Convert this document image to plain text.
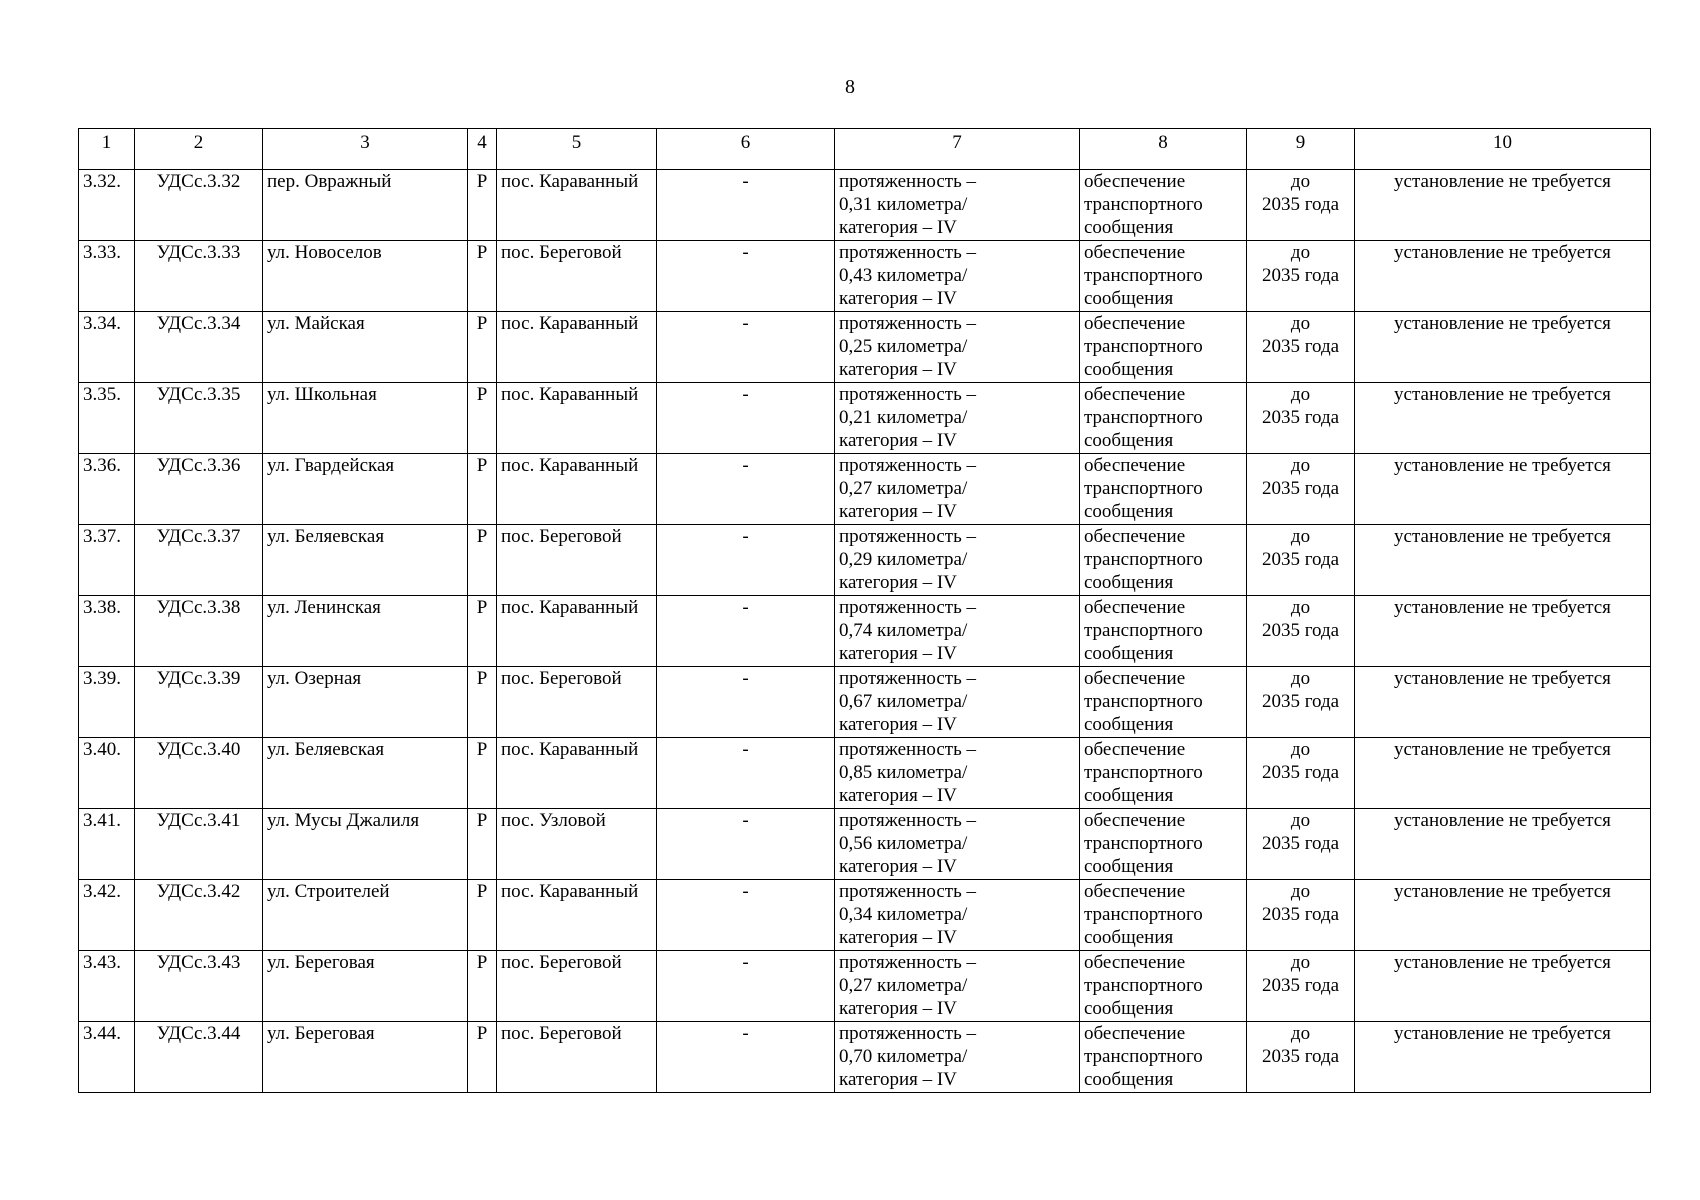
8
1	2	3	4	5	6	7	8	9	10
3.32.	УДСс.3.32	пер. Овражный	Р	пос. Караванный	-	протяженность –
0,31 километра/
категория – IV	обеспечение
транспортного
сообщения	до
2035 года	установление не требуется
3.33.	УДСс.3.33	ул. Новоселов	Р	пос. Береговой	-	протяженность –
0,43 километра/
категория – IV	обеспечение
транспортного
сообщения	до
2035 года	установление не требуется
3.34.	УДСс.3.34	ул. Майская	Р	пос. Караванный	-	протяженность –
0,25 километра/
категория – IV	обеспечение
транспортного
сообщения	до
2035 года	установление не требуется
3.35.	УДСс.3.35	ул. Школьная	Р	пос. Караванный	-	протяженность –
0,21 километра/
категория – IV	обеспечение
транспортного
сообщения	до
2035 года	установление не требуется
3.36.	УДСс.3.36	ул. Гвардейская	Р	пос. Караванный	-	протяженность –
0,27 километра/
категория – IV	обеспечение
транспортного
сообщения	до
2035 года	установление не требуется
3.37.	УДСс.3.37	ул. Беляевская	Р	пос. Береговой	-	протяженность –
0,29 километра/
категория – IV	обеспечение
транспортного
сообщения	до
2035 года	установление не требуется
3.38.	УДСс.3.38	ул. Ленинская	Р	пос. Караванный	-	протяженность –
0,74 километра/
категория – IV	обеспечение
транспортного
сообщения	до
2035 года	установление не требуется
3.39.	УДСс.3.39	ул. Озерная	Р	пос. Береговой	-	протяженность –
0,67 километра/
категория – IV	обеспечение
транспортного
сообщения	до
2035 года	установление не требуется
3.40.	УДСс.3.40	ул. Беляевская	Р	пос. Караванный	-	протяженность –
0,85 километра/
категория – IV	обеспечение
транспортного
сообщения	до
2035 года	установление не требуется
3.41.	УДСс.3.41	ул. Мусы Джалиля	Р	пос. Узловой	-	протяженность –
0,56 километра/
категория – IV	обеспечение
транспортного
сообщения	до
2035 года	установление не требуется
3.42.	УДСс.3.42	ул. Строителей	Р	пос. Караванный	-	протяженность –
0,34 километра/
категория – IV	обеспечение
транспортного
сообщения	до
2035 года	установление не требуется
3.43.	УДСс.3.43	ул. Береговая	Р	пос. Береговой	-	протяженность –
0,27 километра/
категория – IV	обеспечение
транспортного
сообщения	до
2035 года	установление не требуется
3.44.	УДСс.3.44	ул. Береговая	Р	пос. Береговой	-	протяженность –
0,70 километра/
категория – IV	обеспечение
транспортного
сообщения	до
2035 года	установление не требуется
